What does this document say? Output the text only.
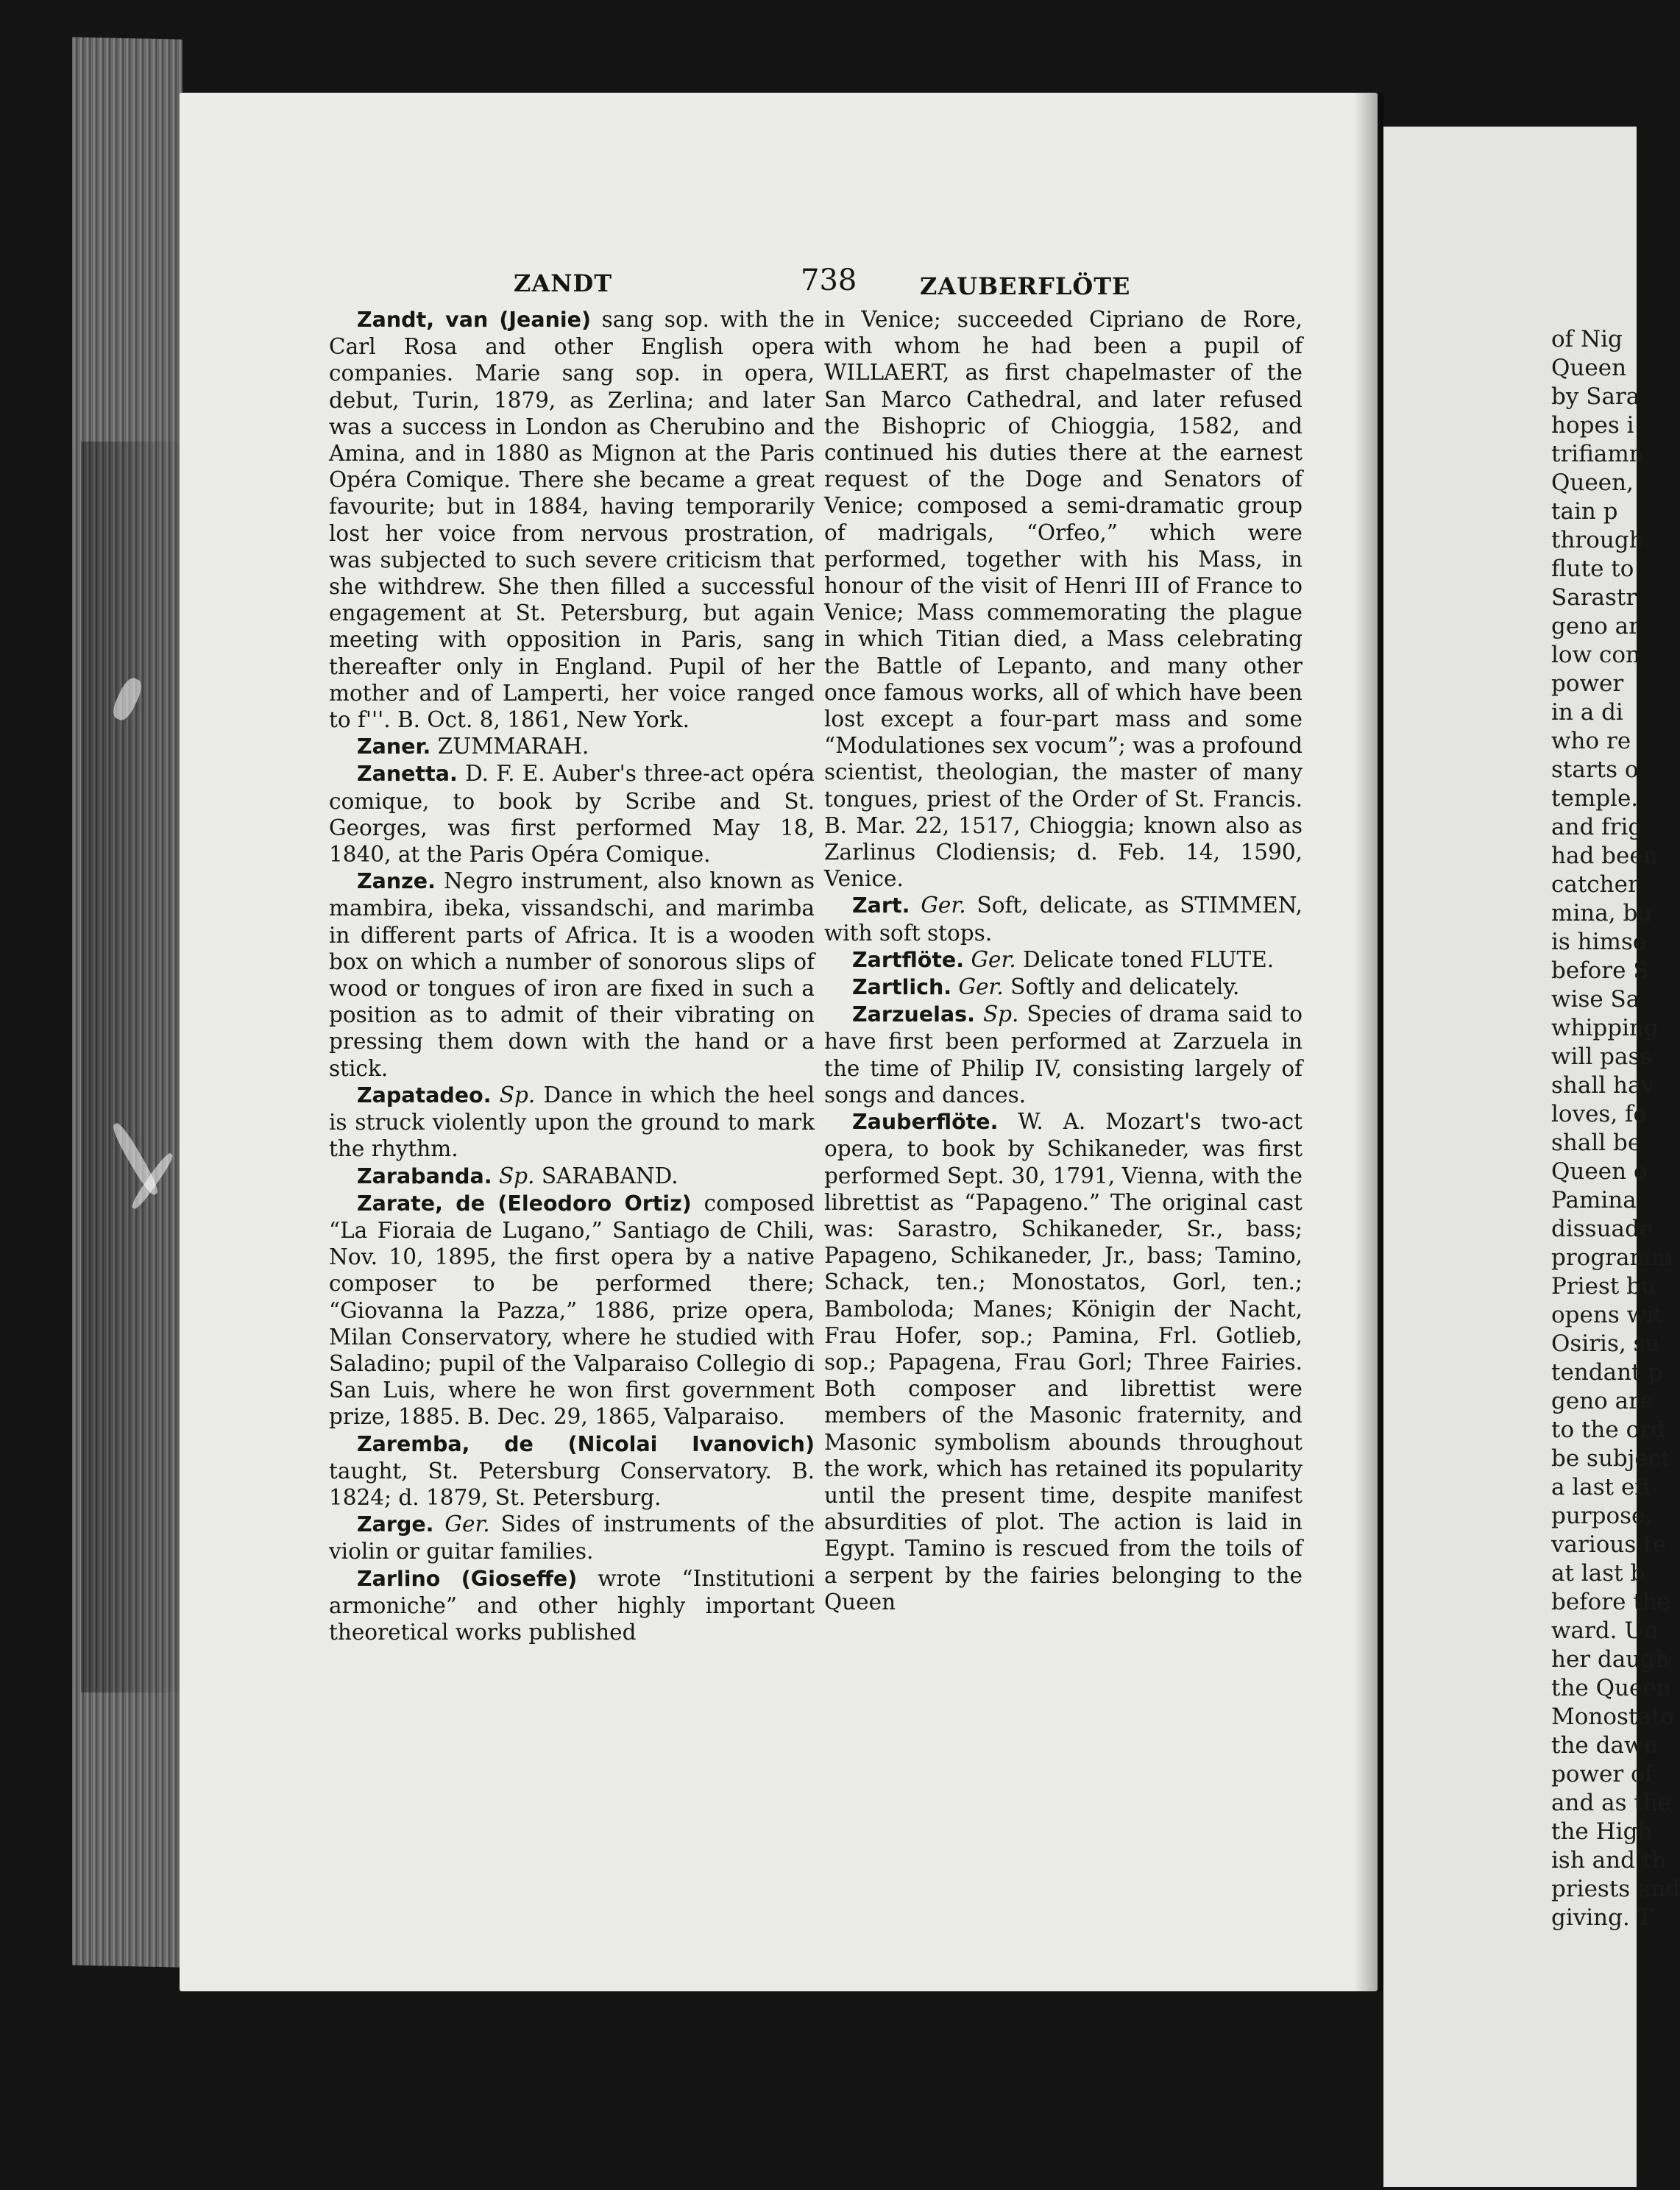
of Nig
Queen
by Sara
hopes i
trifiamn
Queen,
tain p
through
flute to
Sarastr
geno ar
low con
power
in a di
who re
starts o
temple.
and frig
had been
catcher
mina, bu
is himse
before S
wise Sa
whipping
will pass
shall hav
loves, fo
shall be
Queen o
Pamina
dissuade
programm
Priest bu
opens wit
Osiris, su
tendant p
geno are
to the ord
be subject
a last eff
purpose,
various te
at last b
before the
ward. Un
her daugh
the Queen
Monostato
the dawn
power of
and as the
the High
ish and th
priests and
giving. T
ZANDT	738	ZAUBERFLÖTE

Zandt, van (Jeanie) sang sop. with the Carl Rosa and other English opera companies. Marie sang sop. in opera, debut, Turin, 1879, as Zerlina; and later was a success in London as Cherubino and Amina, and in 1880 as Mignon at the Paris Opéra Comique. There she became a great favourite; but in 1884, having temporarily lost her voice from nervous prostration, was subjected to such severe criticism that she withdrew. She then filled a successful engagement at St. Petersburg, but again meeting with opposition in Paris, sang thereafter only in England. Pupil of her mother and of Lamperti, her voice ranged to f'''. B. Oct. 8, 1861, New York.

Zaner. ZUMMARAH.

Zanetta. D. F. E. Auber's three-act opéra comique, to book by Scribe and St. Georges, was first performed May 18, 1840, at the Paris Opéra Comique.

Zanze. Negro instrument, also known as mambira, ibeka, vissandschi, and marimba in different parts of Africa. It is a wooden box on which a number of sonorous slips of wood or tongues of iron are fixed in such a position as to admit of their vibrating on pressing them down with the hand or a stick.

Zapatadeo. Sp. Dance in which the heel is struck violently upon the ground to mark the rhythm.

Zarabanda. Sp. SARABAND.

Zarate, de (Eleodoro Ortiz) composed “La Fioraia de Lugano,” Santiago de Chili, Nov. 10, 1895, the first opera by a native composer to be performed there; “Giovanna la Pazza,” 1886, prize opera, Milan Conservatory, where he studied with Saladino; pupil of the Valparaiso Collegio di San Luis, where he won first government prize, 1885. B. Dec. 29, 1865, Valparaiso.

Zaremba, de (Nicolai Ivanovich) taught, St. Petersburg Conservatory. B. 1824; d. 1879, St. Petersburg.

Zarge. Ger. Sides of instruments of the violin or guitar families.

Zarlino (Gioseffe) wrote “Institutioni armoniche” and other highly important theoretical works published

in Venice; succeeded Cipriano de Rore, with whom he had been a pupil of WILLAERT, as first chapelmaster of the San Marco Cathedral, and later refused the Bishopric of Chioggia, 1582, and continued his duties there at the earnest request of the Doge and Senators of Venice; composed a semi-dramatic group of madrigals, “Orfeo,” which were performed, together with his Mass, in honour of the visit of Henri III of France to Venice; Mass commemorating the plague in which Titian died, a Mass celebrating the Battle of Lepanto, and many other once famous works, all of which have been lost except a four-part mass and some “Modulationes sex vocum”; was a profound scientist, theologian, the master of many tongues, priest of the Order of St. Francis. B. Mar. 22, 1517, Chioggia; known also as Zarlinus Clodiensis; d. Feb. 14, 1590, Venice.

Zart. Ger. Soft, delicate, as STIMMEN, with soft stops.

Zartflöte. Ger. Delicate toned FLUTE.

Zartlich. Ger. Softly and delicately.

Zarzuelas. Sp. Species of drama said to have first been performed at Zarzuela in the time of Philip IV, consisting largely of songs and dances.

Zauberflöte. W. A. Mozart's two-act opera, to book by Schikaneder, was first performed Sept. 30, 1791, Vienna, with the librettist as “Papageno.” The original cast was: Sarastro, Schikaneder, Sr., bass; Papageno, Schikaneder, Jr., bass; Tamino, Schack, ten.; Monostatos, Gorl, ten.; Bamboloda; Manes; Königin der Nacht, Frau Hofer, sop.; Pamina, Frl. Gotlieb, sop.; Papagena, Frau Gorl; Three Fairies. Both composer and librettist were members of the Masonic fraternity, and Masonic symbolism abounds throughout the work, which has retained its popularity until the present time, despite manifest absurdities of plot. The action is laid in Egypt. Tamino is rescued from the toils of a serpent by the fairies belonging to the Queen
